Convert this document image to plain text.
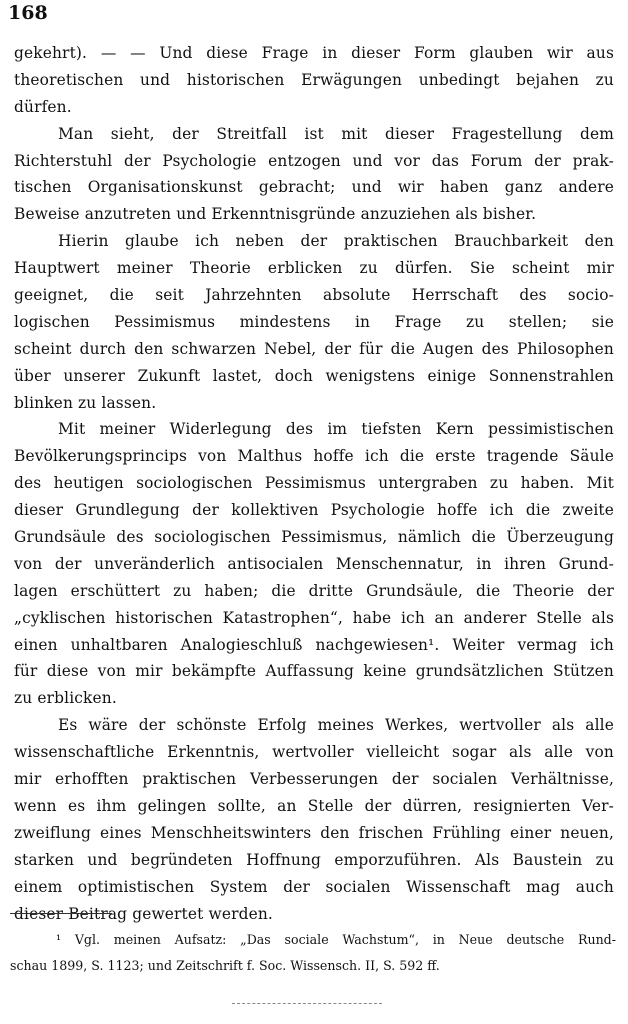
168
gekehrt). — — Und diese Frage in dieser Form glauben wir aus
theoretischen und historischen Erwägungen unbedingt bejahen zu
dürfen.
Man sieht, der Streitfall ist mit dieser Fragestellung dem
Richterstuhl der Psychologie entzogen und vor das Forum der prak-
tischen Organisationskunst gebracht; und wir haben ganz andere
Beweise anzutreten und Erkenntnisgründe anzuziehen als bisher.
Hierin glaube ich neben der praktischen Brauchbarkeit den
Hauptwert meiner Theorie erblicken zu dürfen. Sie scheint mir
geeignet, die seit Jahrzehnten absolute Herrschaft des socio-
logischen Pessimismus mindestens in Frage zu stellen; sie
scheint durch den schwarzen Nebel, der für die Augen des Philosophen
über unserer Zukunft lastet, doch wenigstens einige Sonnenstrahlen
blinken zu lassen.
Mit meiner Widerlegung des im tiefsten Kern pessimistischen
Bevölkerungsprincips von Malthus hoffe ich die erste tragende Säule
des heutigen sociologischen Pessimismus untergraben zu haben. Mit
dieser Grundlegung der kollektiven Psychologie hoffe ich die zweite
Grundsäule des sociologischen Pessimismus, nämlich die Überzeugung
von der unveränderlich antisocialen Menschennatur, in ihren Grund-
lagen erschüttert zu haben; die dritte Grundsäule, die Theorie der
„cyklischen historischen Katastrophen“, habe ich an anderer Stelle als
einen unhaltbaren Analogieschluß nachgewiesen¹. Weiter vermag ich
für diese von mir bekämpfte Auffassung keine grundsätzlichen Stützen
zu erblicken.
Es wäre der schönste Erfolg meines Werkes, wertvoller als alle
wissenschaftliche Erkenntnis, wertvoller vielleicht sogar als alle von
mir erhofften praktischen Verbesserungen der socialen Verhältnisse,
wenn es ihm gelingen sollte, an Stelle der dürren, resignierten Ver-
zweiflung eines Menschheitswinters den frischen Frühling einer neuen,
starken und begründeten Hoffnung emporzuführen. Als Baustein zu
einem optimistischen System der socialen Wissenschaft mag auch
dieser Beitrag gewertet werden.
¹ Vgl. meinen Aufsatz: „Das sociale Wachstum“, in Neue deutsche Rund-
schau 1899, S. 1123; und Zeitschrift f. Soc. Wissensch. II, S. 592 ff.
